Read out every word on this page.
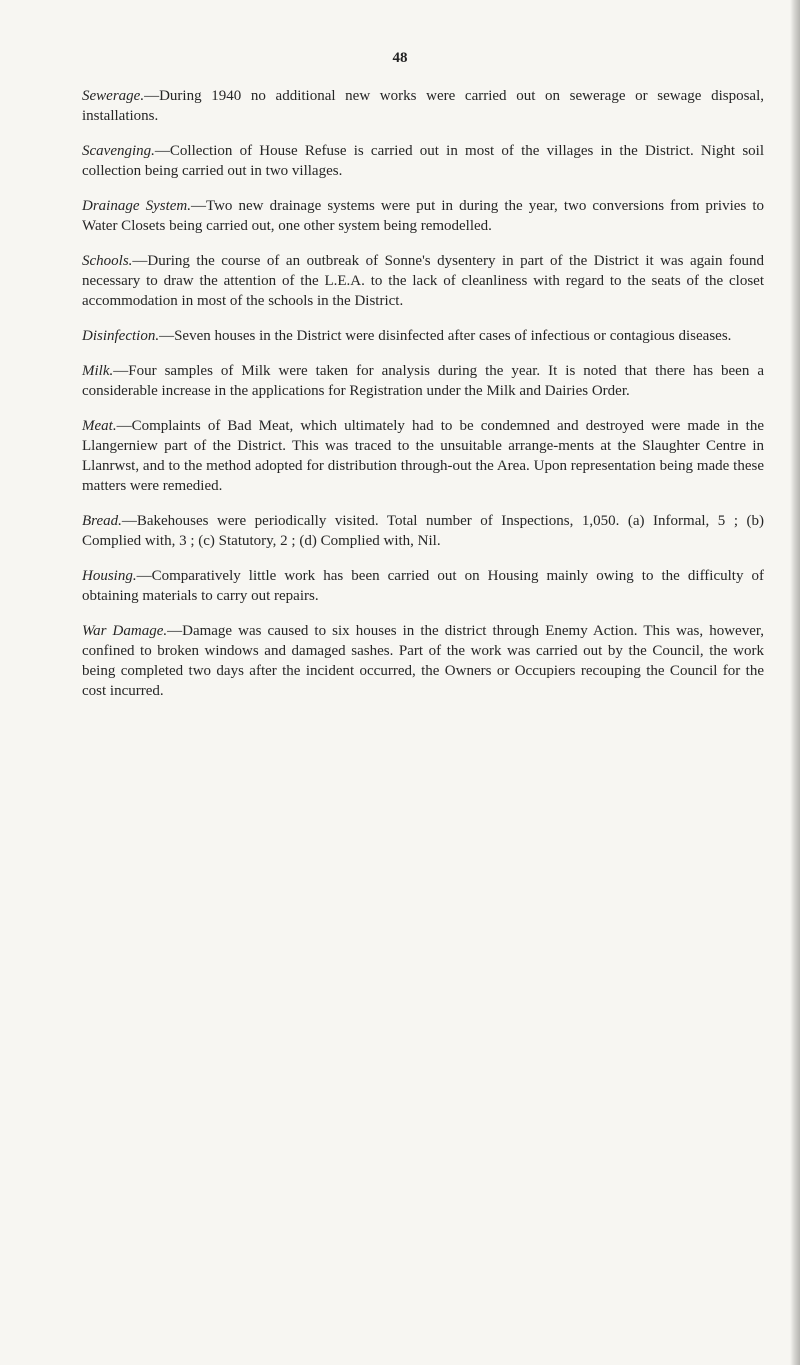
48

Sewerage.—During 1940 no additional new works were carried out on sewerage or sewage disposal, installations.

Scavenging.—Collection of House Refuse is carried out in most of the villages in the District. Night soil collection being carried out in two villages.

Drainage System.—Two new drainage systems were put in during the year, two conversions from privies to Water Closets being carried out, one other system being remodelled.

Schools.—During the course of an outbreak of Sonne's dysentery in part of the District it was again found necessary to draw the attention of the L.E.A. to the lack of cleanliness with regard to the seats of the closet accommodation in most of the schools in the District.

Disinfection.—Seven houses in the District were disinfected after cases of infectious or contagious diseases.

Milk.—Four samples of Milk were taken for analysis during the year. It is noted that there has been a considerable increase in the applications for Registration under the Milk and Dairies Order.

Meat.—Complaints of Bad Meat, which ultimately had to be condemned and destroyed were made in the Llangerniew part of the District. This was traced to the unsuitable arrange-ments at the Slaughter Centre in Llanrwst, and to the method adopted for distribution through-out the Area. Upon representation being made these matters were remedied.

Bread.—Bakehouses were periodically visited. Total number of Inspections, 1,050. (a) Informal, 5 ; (b) Complied with, 3 ; (c) Statutory, 2 ; (d) Complied with, Nil.

Housing.—Comparatively little work has been carried out on Housing mainly owing to the difficulty of obtaining materials to carry out repairs.

War Damage.—Damage was caused to six houses in the district through Enemy Action. This was, however, confined to broken windows and damaged sashes. Part of the work was carried out by the Council, the work being completed two days after the incident occurred, the Owners or Occupiers recouping the Council for the cost incurred.
